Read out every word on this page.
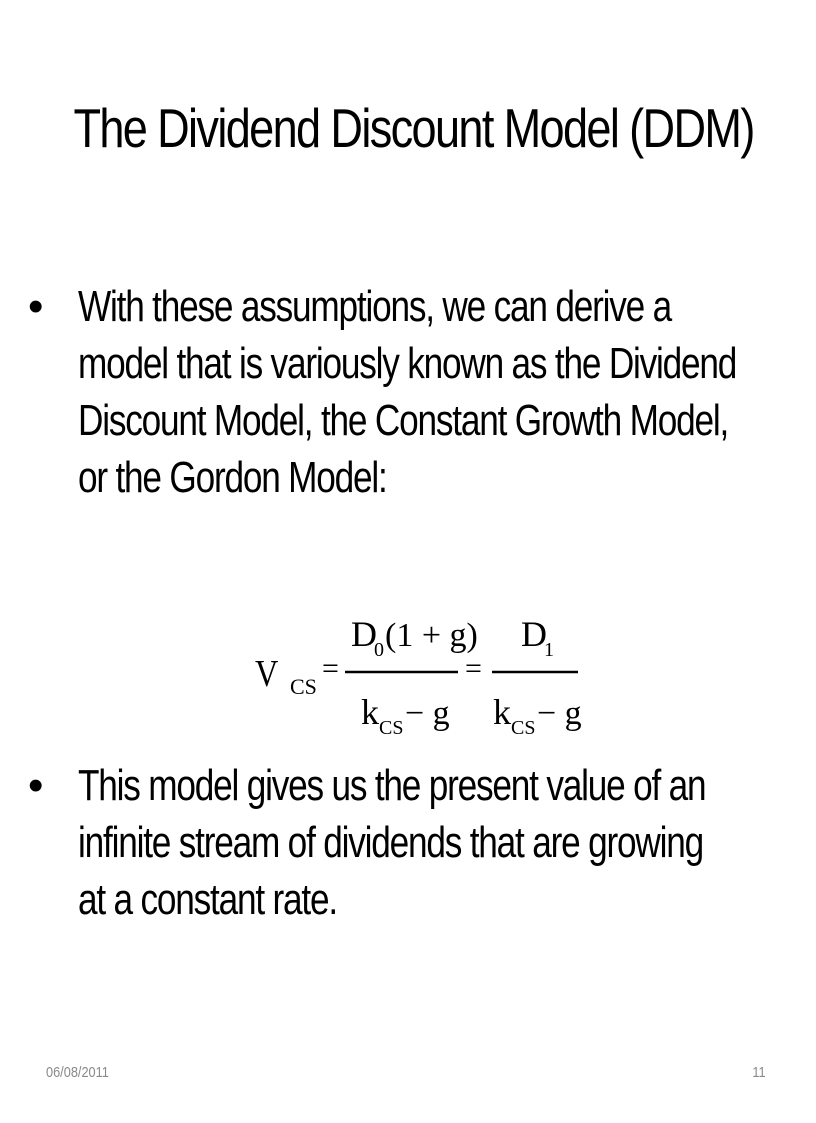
The Dividend Discount Model (DDM)
• With these assumptions, we can derive a
model that is variously known as the Dividend
Discount Model, the Constant Growth Model,
or the Gordon Model:
V CS
=
D
0 (1 + g)
k CS − g
=
D
1
k CS − g
• This model gives us the present value of an
infinite stream of dividends that are growing
at a constant rate.
06/08/2011	11
